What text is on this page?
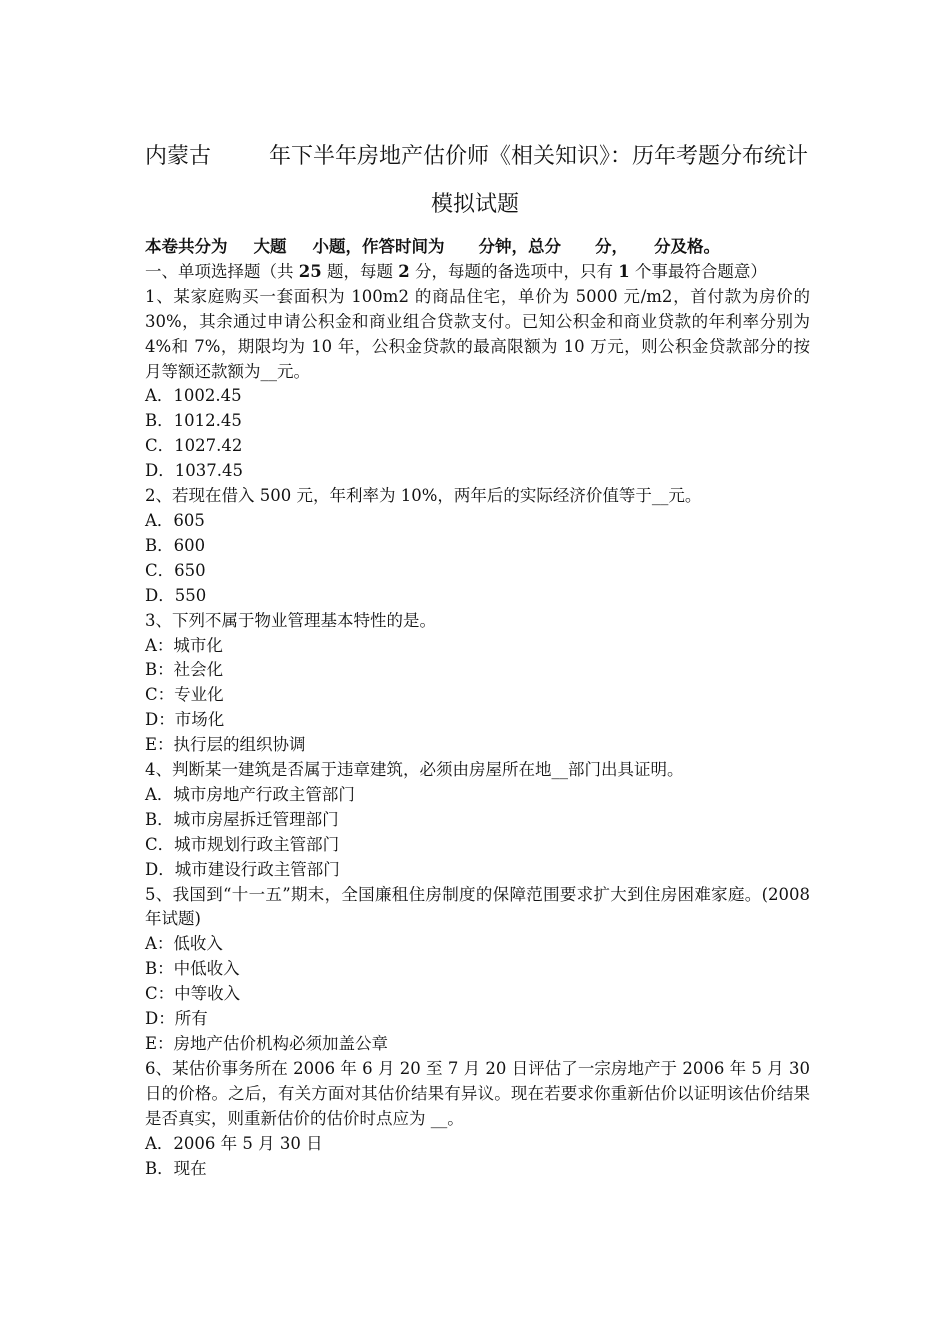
内蒙古	年下半年房地产估价师《相关知识》：历年考题分布统计
模拟试题

本卷共分为 大题 小题，作答时间为 分钟，总分 分， 分及格。

一、单项选择题（共 25 题，每题 2 分，每题的备选项中，只有 1 个事最符合题意）

1、某家庭购买一套面积为 100m2 的商品住宅，单价为 5000 元/m2，首付款为房价的 30%，其余通过申请公积金和商业组合贷款支付。已知公积金和商业贷款的年利率分别为 4%和 7%，期限均为 10 年，公积金贷款的最高限额为 10 万元，则公积金贷款部分的按月等额还款额为__元。

A．1002.45

B．1012.45

C．1027.42

D．1037.45

2、若现在借入 500 元，年利率为 10%，两年后的实际经济价值等于__元。

A．605

B．600

C．650

D．550

3、下列不属于物业管理基本特性的是。

A：城市化

B：社会化

C：专业化

D：市场化

E：执行层的组织协调

4、判断某一建筑是否属于违章建筑，必须由房屋所在地__部门出具证明。

A．城市房地产行政主管部门

B．城市房屋拆迁管理部门

C．城市规划行政主管部门

D．城市建设行政主管部门

5、我国到“十一五”期末，全国廉租住房制度的保障范围要求扩大到住房困难家庭。(2008 年试题)

A：低收入

B：中低收入

C：中等收入

D：所有

E：房地产估价机构必须加盖公章

6、某估价事务所在 2006 年 6 月 20 至 7 月 20 日评估了一宗房地产于 2006 年 5 月 30 日的价格。之后，有关方面对其估价结果有异议。现在若要求你重新估价以证明该估价结果是否真实，则重新估价的估价时点应为 __。

A．2006 年 5 月 30 日

B．现在
